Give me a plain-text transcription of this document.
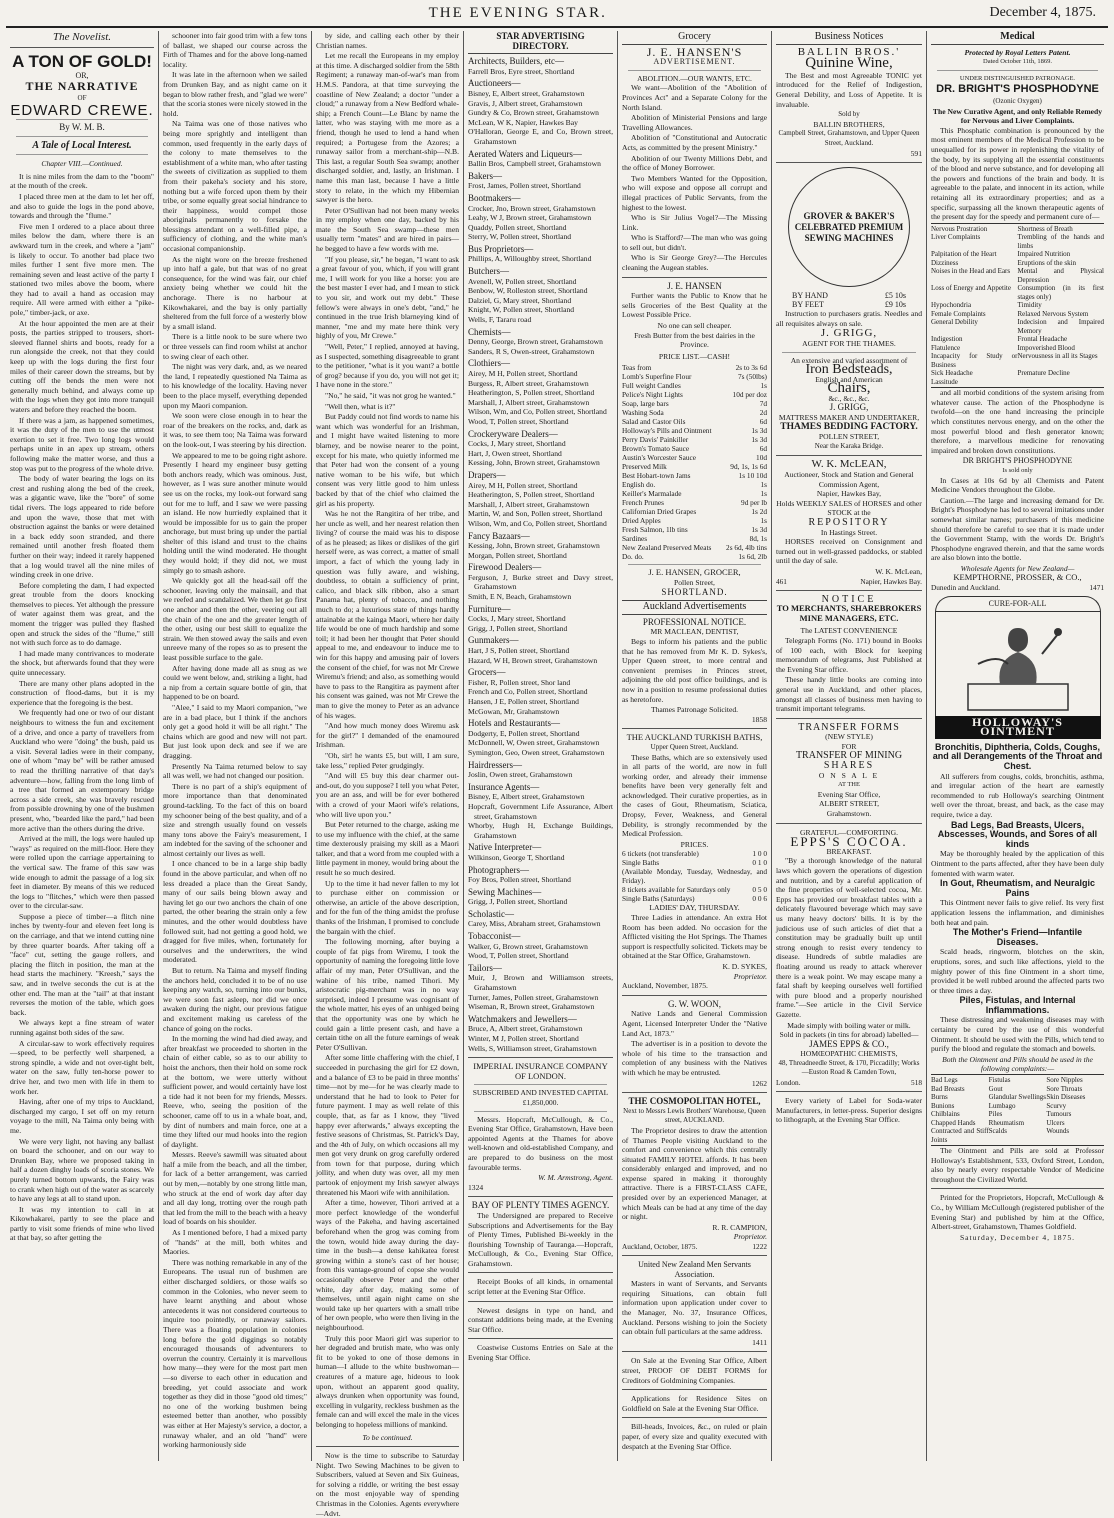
THE EVENING STAR.	December 4, 1875.
The Novelist.
A TON OF GOLD!
OR,
THE NARRATIVE
OF
EDWARD CREWE.
By W. M. B.
A Tale of Local Interest.
Chapter VIII.—Continued.

It is nine miles from the dam to the "boom" at the mouth of the creek.

I placed three men at the dam to let her off, and also to guide the logs in the pond above, towards and through the "flume."

Five men I ordered to a place about three miles below the dam, where there is an awkward turn in the creek, and where a "jam" is likely to occur. To another bad place two miles further I sent five more men. The remaining seven and least active of the party I stationed two miles above the boom, where they had to avail a hand as occasion may require. All were armed with either a "pike-pole," timber-jack, or axe.

At the hour appointed the men are at their posts, the parties stripped to trousers, short-sleeved flannel shirts and boots, ready for a run alongside the creek, not that they could keep up with the logs during the first four miles of their career down the streams, but by cutting off the bends the men were not generally much behind, and always come up with the logs when they got into more tranquil waters and before they reached the boom.

If there was a jam, as happened sometimes, it was the duty of the men to use the utmost exertion to set it free. Two long logs would perhaps unite in an apex up stream, others following make the matter worse, and thus a stop was put to the progress of the whole drive.

The body of water bearing the logs on its crest and rushing along the bed of the creek, was a gigantic wave, like the "bore" of some tidal rivers. The logs appeared to ride before and upon the wave, those that met with obstruction against the banks or were detained in a back eddy soon stranded, and there remained until another fresh floated them further on their way; indeed it rarely happened that a log would travel all the nine miles of winding creek in one drive.

Before completing the dam, I had expected great trouble from the doors knocking themselves to pieces. Yet although the pressure of water against them was great, and the moment the trigger was pulled they flashed open and struck the sides of the "flume," still not with such force as to do damage.

I had made many contrivances to moderate the shock, but afterwards found that they were quite unnecessary.

There are many other plans adopted in the construction of flood-dams, but it is my experience that the foregoing is the best.

We frequently had one or two of our distant neighbours to witness the fun and excitement of a drive, and once a party of travellers from Auckland who were "doing" the bush, paid us a visit. Several ladies were in their company, one of whom "may be" will be rather amused to read the thrilling narrative of that day's adventure—how, falling from the long limb of a tree that formed an extemporary bridge across a side creek, she was bravely rescued from possible drowning by one of the bushmen present, who, "bearded like the pard," had been more active than the others during the drive.

Arrived at the mill, the logs were hauled up "ways" as required on the mill-floor. Here they were rolled upon the carriage appertaining to the vertical saw. The frame of this saw was wide enough to admit the passage of a log six feet in diameter. By means of this we reduced the logs to "flitches," which were then passed over to the circular-saw.

Suppose a piece of timber—a flitch nine inches by twenty-four and eleven feet long is on the carriage, and that we intend cutting nine by three quarter boards. After taking off a "face" cut, setting the gauge rollers, and placing the flitch in position, the man at the head starts the machinery. "Kreesh," says the saw, and in twelve seconds the cut is at the other end. The man at the "tail" at that instant reverses the motion of the table, which goes back.

We always kept a fine stream of water running against both sides of the saw.

A circular-saw to work effectively requires—speed, to be perfectly well sharpened, a strong spindle, a wide and not over-tight belt, water on the saw, fully ten-horse power to drive her, and two men with life in them to work her.

Having, after one of my trips to Auckland, discharged my cargo, I set off on my return voyage to the mill, Na Taima only being with me.

We were very light, not having any ballast on board the schooner, and on our way to Drunken Bay, where we proposed taking in half a dozen dinghy loads of scoria stones. We purely turned bottom upwards, the Fairy was to crank when high out of the water as scarcely to have any legs at all to stand upon.

It was my intention to call in at Kikowhakarei, partly to see the place and partly to visit some friends of mine who lived at that bay, so after getting the

schooner into fair good trim with a few tons of ballast, we shaped our course across the Firth of Thames and for the above long-named locality.

It was late in the afternoon when we sailed from Drunken Bay, and as night came on it began to blow rather fresh, and "glad we were" that the scoria stones were nicely stowed in the hold.

Na Taima was one of those natives who being more sprightly and intelligent than common, used frequently in the early days of the colony to mate themselves to the establishment of a white man, who after tasting the sweets of civilization as supplied to them from their pakeha's society and his store, nothing but a wife forced upon them by their tribe, or some equally great social hindrance to their happiness, would compel those aboriginals permanently to forsake the blessings attendant on a well-filled pipe, a sufficiency of clothing, and the white man's occasional companionship.

As the night wore on the breeze freshened up into half a gale, but that was of no great consequence, for the wind was fair, our chief anxiety being whether we could hit the anchorage. There is no harbour at Kikowhakarei, and the bay is only partially sheltered from the full force of a westerly blow by a small island.

There is a little nook to be sure where two or three vessels can find room whilst at anchor to swing clear of each other.

The night was very dark, and, as we neared the land, I repeatedly questioned Na Taima as to his knowledge of the locality. Having never been to the place myself, everything depended upon my Maori companion.

We soon were close enough in to hear the roar of the breakers on the rocks, and, dark as it was, to see them too; Na Taima was forward on the look-out, I was steering by his direction.

We appeared to me to be going right ashore. Presently I heard my engineer busy getting both anchors ready, which was ominous. Just, however, as I was sure another minute would see us on the rocks, my look-out forward sang out for me to luff, and I saw we were passing an island. He now hurriedly explained that it would be impossible for us to gain the proper anchorage, but must bring up under the partial shelter of this island and trust to the chains holding until the wind moderated. He thought they would hold; if they did not, we must simply go to smash ashore.

We quickly got all the head-sail off the schooner, leaving only the mainsail, and that we reefed and scandalized. We then let go first one anchor and then the other, veering out all the chain of the one and the greater length of the other, using our best skill to equalize the strain. We then stowed away the sails and even unreeve many of the ropes so as to present the least possible surface to the gale.

After having done made all as snug as we could we went below, and, striking a light, had a nip from a certain square bottle of gin, that happened to be on board.

"Alee," I said to my Maori companion, "we are in a bad place, but I think if the anchors only get a good hold it will be all right." The chains which are good and new will not part. But just look upon deck and see if we are dragging.

Presently Na Taima returned below to say all was well, we had not changed our position.

There is no part of a ship's equipment of more importance than that denominated ground-tackling. To the fact of this on board my schooner being of the best quality, and of a size and strength usually found on vessels many tons above the Fairy's measurement, I am indebted for the saving of the schooner and almost certainly our lives as well.

I once chanced to be in a large ship badly found in the above particular, and when off no less dreaded a place than the Great Sandy, many of our sails being blown away and having let go our two anchors the chain of one parted, the other bearing the strain only a few minutes, and the other would doubtless have followed suit, had not getting a good hold, we dragged for five miles, when, fortunately for ourselves and the underwriters, the wind moderated.

But to return. Na Taima and myself finding the anchors held, concluded it to be of no use keeping any watch, so, turning into our bunks, we were soon fast asleep, nor did we once awaken during the night, our previous fatigue and excitement making us careless of the chance of going on the rocks.

In the morning the wind had died away, and after breakfast we proceeded to shorten in the chain of either cable, so as to our ability to hoist the anchors, then their hold on some rock at the bottom, we were utterly without sufficient power, and would certainly have lost a tide had it not been for my friends, Messrs. Reeve, who, seeing the position of the schooner, came off to us in a whale boat, and, by dint of numbers and main force, one at a time they lifted our mud hooks into the region of daylight.

Messrs. Reeve's sawmill was situated about half a mile from the beach, and all the timber, for lack of a better arrangement, was carried out by men,—notably by one strong little man, who struck at the end of work day after day and all day long, trotting over the rough path that led from the mill to the beach with a heavy load of boards on his shoulder.

As I mentioned before, I had a mixed party of "hands" at the mill, both whites and Maories.

There was nothing remarkable in any of the Europeans. The usual run of bushmen are either discharged soldiers, or those waifs so common in the Colonies, who never seem to have learnt anything and about whose antecedents it was not considered courteous to inquire too pointedly, or runaway sailors. There was a floating population in colonies long before the gold diggings so notably encouraged thousands of adventurers to overrun the country. Certainly it is marvellous how many—they were for the most part men—so diverse to each other in education and breeding, yet could associate and work together as they did in those "good old times;" no one of the working bushmen being esteemed better than another, who possibly was either at Her Majesty's service, a doctor, a runaway whaler, and an old "hand" were working harmoniously side

by side, and calling each other by their Christian names.

Let me recall the Europeans in my employ at this time. A discharged soldier from the 58th Regiment; a runaway man-of-war's man from H.M.S. Pandora, at that time surveying the coastline of New Zealand; a doctor "under a cloud;" a runaway from a New Bedford whale-ship; a French Count—Le Blanc by name the latter, who was staying with me more as a friend, though he used to lend a hand when required; a Portugese from the Azores; a runaway sailor from a merchant-ship—N.B. This last, a regular South Sea swamp; another discharged soldier, and, lastly, an Irishman. I name this man last, because I have a little story to relate, in the which my Hibernian sawyer is the hero.

Peter O'Sullivan had not been many weeks in my employ when one day, backed by his mate the South Sea swamp—these men usually term "mates" and are hired in pairs—he begged to have a few words with me.

"If you please, sir," he began, "I want to ask a great favour of you, which, if you will grant me, I will work for you like a horse: you are the best master I ever had, and I mean to stick to you sir, and work out my debt." These fellow's were always in one's debt, "and," he continued in the true Irish blarneying kind of manner, "me and my mate here think very highly of you, Mr Crewe."

"Well, Peter," I replied, annoyed at having, as I suspected, something disagreeable to grant to the petitioner, "what is it you want? a bottle of grog? because if you do, you will not get it; I have none in the store."

"No," he said, "it was not grog he wanted."

"Well then, what is it?"

But Paddy could not find words to name his want which was wonderful for an Irishman, and I might have waited listening to more blarney, and be nowise nearer to the point, except for his mate, who quietly informed me that Peter had won the consent of a young native woman to be his wife, but which consent was very little good to him unless backed by that of the chief who claimed the girl as his property.

Was he not the Rangitira of her tribe, and her uncle as well, and her nearest relation then living? of course the maid was his to dispose of as he pleased; as likes or dislikes of the girl herself were, as was correct, a matter of small import, a fact of which the young lady in question was fully aware, and wishing, doubtless, to obtain a sufficiency of print, calico, and black silk ribbon, also a smart Panama hat, plenty of tobacco, and nothing much to do; a luxurious state of things hardly attainable at the kainga Maori, where her daily life would be one of much hardship and some toil; it had been her thought that Peter should appeal to me, and endeavour to induce me to win for this happy and amusing pair of lovers the consent of the chief, for was not Mr Crewe Wiremu's friend; and also, as something would have to pass to the Rangitira as payment after his consent was gained, was not Mr Crewe the man to give the money to Peter as an advance of his wages.

"And how much money does Wiremu ask for the girl?" I demanded of the enamoured Irishman.

"Oh, sir! he wants £5, but will, I am sure, take less," replied Peter grudgingly.

"And will £5 buy this dear charmer out-and-out, do you suppose? I tell you what Peter, you are an ass, and will be for ever bothered with a crowd of your Maori wife's relations, who will live upon you."

But Peter returned to the charge, asking me to use my influence with the chief, at the same time dexterously praising my skill as a Maori talker, and that a word from me coupled with a little payment in money, would bring about the result he so much desired.

Up to the time it had never fallen to my lot to purchase either on commission or otherwise, an article of the above description, and for the fun of the thing amidst the profuse thanks of the Irishman, I promised to conclude the bargain with the chief.

The following morning, after buying a couple of fat pigs from Wiremu, I took the opportunity of naming the foregoing little love affair of my man, Peter O'Sullivan, and the wahine of his tribe, named Tihori. My aristocratic pig-merchant was in no way surprised, indeed I presume was cognisant of the whole matter, his eyes of an unhiged being that the opportunity was one by which he could gain a little present cash, and have a certain tithe on all the future earnings of weak Peter O'Sullivan.

After some little chaffering with the chief, I succeeded in purchasing the girl for £2 down, and a balance of £3 to be paid in three months' time—not by me—for he was clearly made to understand that he had to look to Peter for future payment. I may as well relate of this couple, that, as far as I know, they "lived happy ever afterwards," always excepting the festive seasons of Christmas, St. Patrick's Day, and the 4th of July, on which occasions all my men got very drunk on grog carefully ordered from town for that purpose, during which jollity, and when duty was over, all my men partook of enjoyment my Irish sawyer always threatened his Maori wife with annihilation.

After a time, however, Tihori arrived at a more perfect knowledge of the wonderful ways of the Pakeha, and having ascertained beforehand when the grog was coming from the town, would hide away during the day-time in the bush—a dense kahikatea forest growing within a stone's cast of her house; from this vantage-ground of copse she would occasionally observe Peter and the other white, day after day, making some of themselves, until again night came on she would take up her quarters with a small tribe of her own people, who were then living in the neighbourhood.

Truly this poor Maori girl was superior to her degraded and brutish mate, who was only fit to be yoked to one of those demons in human—I allude to the white bushwoman—creatures of a mature age, hideous to look upon, without an apparent good quality, always drunken when opportunity was found, excelling in vulgarity, reckless bushmen as the female can and will excel the male in the vices belonging to hopeless millions of mankind.

To be continued.

Now is the time to subscribe to Saturday Night. Two Sewing Machines to be given to Subscribers, valued at Seven and Six Guineas, for solving a riddle, or writing the best essay on the most enjoyable way of spending Christmas in the Colonies. Agents everywhere—Advt.

STAR ADVERTISING DIRECTORY.
Architects, Builders, etc—
Farrell Bros, Eyre street, Shortland
Auctioneers—
Bisney, E, Albert street, Grahamstown
Gravis, J, Albert street, Grahamstown
Gundry & Co, Brown street, Grahamstown
McLean, W K, Napier, Hawkes Bay
O'Halloran, George E, and Co, Brown street, Grahamstown
Aerated Waters and Liqueurs—
Ballin Bros, Campbell street, Grahamstown
Bakers—
Frost, James, Pollen street, Shortland
Bootmakers—
Crocker, Jno, Brown street, Grahamstown
Leahy, W J, Brown street, Grahamstown
Quaddy, Pollen street, Shortland
Sterry, W, Pollen street, Shortland
Bus Proprietors—
Phillips, A, Willoughby street, Shortland
Butchers—
Avenell, W, Pollen street, Shortland
Benbow, W, Rolleston street, Shortland
Dalziel, G, Mary street, Shortland
Knight, W, Pollen street, Shortland
Wells, F, Tararu road
Chemists—
Denny, George, Brown street, Grahamstown
Sanders, R S, Owen-street, Grahamstown
Clothiers—
Airey, M H, Pollen street, Shortland
Burgess, R, Albert street, Grahamstown
Heatherington, S, Pollen street, Shortland
Marshall, J, Albert street, Grahamstown
Wilson, Wm, and Co, Pollen street, Shortland
Wood, T, Pollen street, Shortland
Crockeryware Dealers—
Cocks, J, Mary street, Shortland
Hart, J, Owen street, Shortland
Kessing, John, Brown street, Grahamstown
Drapers—
Airey, M H, Pollen street, Shortland
Heatherington, S, Pollen street, Shortland
Marshall, J, Albert street, Grahamstown
Martin, W, and Son, Pollen street, Shortland
Wilson, Wm, and Co, Pollen street, Shortland
Fancy Bazaars—
Kessing, John, Brown street, Grahamstown
Morgan, Pollen street, Shortland
Firewood Dealers—
Ferguson, J, Burke street and Davy street, Grahamstown
Smith, E N, Beach, Grahamstown
Furniture—
Cocks, J, Mary street, Shortland
Grigg, J, Pollen street, Shortland
Gunmakers—
Hart, J S, Pollen street, Shortland
Hazard, W H, Brown street, Grahamstown
Grocers—
Fisher, R, Pollen street, Shor land
French and Co, Pollen street, Shortland
Hansen, J E, Pollen street, Shortland
McGowan, Mr, Grahamstown
Hotels and Restaurants—
Dodgerty, E, Pollen street, Shortland
McDonnell, W, Owen street, Grahamstown
Symington, Geo, Owen street, Grahamstown
Hairdressers—
Joslin, Owen street, Grahamstown
Insurance Agents—
Bisney, E, Albert street, Grahamstown
Hopcraft, Government Life Assurance, Albert street, Grahamstown
Whorby, Hugh H, Exchange Buildings, Grahamstown
Native Interpreter—
Wilkinson, George T, Shortland
Photographers—
Foy Bros, Pollen street, Shortland
Sewing Machines—
Grigg, J, Pollen street, Shortland
Scholastic—
Carey, Miss, Abraham street, Grahamstown
Tobacconist—
Walker, G, Brown street, Grahamstown
Wood, T, Pollen street, Shortland
Tailors—
Muir, J, Brown and Williamson streets, Grahamstown
Turner, James, Pollen street, Grahamstown
Wiseman, R, Brown street, Grahamstown
Watchmakers and Jewellers—
Bruce, A, Albert street, Grahamstown
Winter, M J, Pollen street, Shortland
Wells, S, Williamson street, Grahamstown
IMPERIAL INSURANCE COMPANY OF LONDON.
SUBSCRIBED AND INVESTED CAPITAL £1,850,000.

Messrs. Hopcraft, McCullough, & Co., Evening Star Office, Grahamstown, Have been appointed Agents at the Thames for above well-known and old-established Company, and are prepared to do business on the most favourable terms.

W. M. Armstrong, Agent.
1324
BAY OF PLENTY TIMES AGENCY.

The Undersigned are prepared to Receive Subscriptions and Advertisements for the Bay of Plenty Times, Published Bi-weekly in the flourishing Township of Tauranga.—Hopcraft, McCullough, & Co., Evening Star Office, Grahamstown.

Receipt Books of all kinds, in ornamental script letter at the Evening Star Office.

Newest designs in type on hand, and constant additions being made, at the Evening Star Office.

Coastwise Customs Entries on Sale at the Evening Star Office.

Grocery
J. E. HANSEN'S
ADVERTISEMENT.
ABOLITION.—OUR WANTS, ETC.

We want—Abolition of the "Abolition of Provinces Act" and a Separate Colony for the North Island.

Abolition of Ministerial Pensions and large Travelling Allowances.

Abolition of "Constitutional and Autocratic Acts, as committed by the present Ministry."

Abolition of our Twenty Millions Debt, and the office of Money Borrower.

Two Members Wanted for the Opposition, who will expose and oppose all corrupt and illegal practices of Public Servants, from the highest to the lowest.

Who is Sir Julius Vogel?—The Missing Link.

Who is Stafford?—The man who was going to sell out, but didn't.

Who is Sir George Grey?—The Hercules cleaning the Augean stables.

J. E. HANSEN

Further wants the Public to Know that he sells Groceries of the Best Quality at the Lowest Possible Price.

No one can sell cheaper.
Fresh Butter from the best dairies in the Province.
PRICE LIST.—CASH!
Teas from	2s to 3s 6d
Lomb's Superfine Flour	7s (50lbs)
Full weight Candles	1s
Pelice's Night Lights	10d per doz
Soap, large bars	7d
Washing Soda	2d
Salad and Castor Oils	6d
Holloway's Pills and Ointment	1s 3d
Perry Davis' Painkiller	1s 3d
Brown's Tomato Sauce	6d
Austin's Worcester Sauce	10d
Preserved Milk	9d, 1s, 1s 6d
Best Hobart-town Jams	1s 10 10d
English do.	1s
Keiller's Marmalade	1s
French Prunes	9d per lb
Californian Dried Grapes	1s 2d
Dried Apples	1s
Fresh Salmon, 1lb tins	1s 3d
Sardines	8d, 1s
New Zealand Preserved Meats 2s 6d, 4lb tins
Do. do.	1s 6d, 2lb
J. E. HANSEN, GROCER,
Pollen Street,
SHORTLAND.
Auckland Advertisements
PROFESSIONAL NOTICE.
MR MACLEAN, DENTIST,

Begs to inform his patients and the public that he has removed from Mr K. D. Sykes's, Upper Queen street, to more central and convenient premises in Princes street, adjoining the old post office buildings, and is now in a position to resume professional duties as heretofore.

Thames Patronage Solicited.
1858
THE AUCKLAND TURKISH BATHS,
Upper Queen Street, Auckland.

These Baths, which are so extensively used in all parts of the world, are now in full working order, and already their immense benefits have been very generally felt and acknowledged. Their curative properties, as in the cases of Gout, Rheumatism, Sciatica, Dropsy, Fever, Weakness, and General Debility, is strongly recommended by the Medical Profession.

PRICES.
6 tickets (not transferable)	1 0 0
Single Baths	0 1 0
(Available Monday, Tuesday, Wednesday, and Friday).
8 tickets available for Saturdays only	0 5 0
Single Baths (Saturdays)	0 0 6
LADIES' DAY, THURSDAY.

Three Ladies in attendance. An extra Hot Room has been added. No occasion for the Afflicted visiting the Hot Springs. The Thames support is respectfully solicited. Tickets may be obtained at the Star Office, Grahamstown.

K. D. SYKES,
Proprietor.
Auckland, November, 1875.
G. W. WOON,

Native Lands and General Commission Agent, Licensed Interpreter Under the "Native Land Act, 1873."

The advertiser is in a position to devote the whole of his time to the transaction and completion of any business with the Natives with which he may be entrusted.

1262
THE COSMOPOLITAN HOTEL,
Next to Messrs Lewis Brothers' Warehouse, Queen street, AUCKLAND.

The Proprietor desires to draw the attention of Thames People visiting Auckland to the comfort and convenience which this centrally situated FAMILY HOTEL affords. It has been considerably enlarged and improved, and no expense spared in making it thoroughly attractive. There is a FIRST-CLASS CAFE, presided over by an experienced Manager, at which Meals can be had at any time of the day or night.

R. R. CAMPION,
Proprietor.
Auckland, October, 1875.	1222
United New Zealand Men Servants Association.

Masters in want of Servants, and Servants requiring Situations, can obtain full information upon application under cover to the Manager, No. 37, Insurance Offices, Auckland. Persons wishing to join the Society can obtain full particulars at the same address.

1411

On Sale at the Evening Star Office, Albert street, PROOF OF DEBT FORMS for Creditors of Goldmining Companies.

Applications for Residence Sites on Goldfield on Sale at the Evening Star Office.

Bill-heads, Invoices, &c., on ruled or plain paper, of every size and quality executed with despatch at the Evening Star Office.

Business Notices
BALLIN BROS.'
Quinine Wine,

The Best and most Agreeable TONIC yet introduced for the Relief of Indigestion, General Debility, and Loss of Appetite. It is invaluable.

Sold by
BALLIN BROTHERS,
Campbell Street, Grahamstown, and Upper Queen Street, Auckland.
591
GROVER & BAKER'S CELEBRATED PREMIUM SEWING MACHINES
BY HAND	£5 10s
BY FEET	£9 10s

Instruction to purchasers gratis. Needles and all requisites always on sale.

J. GRIGG,
AGENT FOR THE THAMES.
An extensive and varied assortment of
Iron Bedsteads,
English and American
Chairs,
&c., &c., &c.
J. GRIGG,
MATTRESS MAKER AND UNDERTAKER,
THAMES BEDDING FACTORY.
POLLEN STREET,
Near the Karaka Bridge.
W. K. McLEAN,
Auctioneer, Stock and Station and General Commission Agent,
Napier, Hawkes Bay,
Holds WEEKLY SALES of HORSES and other STOCK at the
REPOSITORY
In Hastings Street.

HORSES received on Consignment and turned out in well-grassed paddocks, or stabled until the day of sale.

W. K. McLean,
461	Napier, Hawkes Bay.
NOTICE
TO MERCHANTS, SHAREBROKERS MINE MANAGERS, ETC.
The LATEST CONVENIENCE

Telegraph Forms (No. 171) bound in Books of 100 each, with Block for keeping memorandum of telegrams, Just Published at the Evening Star office.

These handy little books are coming into general use in Auckland, and other places, amongst all classes of business men having to transmit important telegrams.

TRANSFER FORMS
(NEW STYLE)
FOR
TRANSFER OF MINING
SHARES
O N S A L E
AT THE
Evening Star Office,
ALBERT STREET,
Grahamstown.
GRATEFUL—COMFORTING.
EPPS'S COCOA.
BREAKFAST.

"By a thorough knowledge of the natural laws which govern the operations of digestion and nutrition, and by a careful application of the fine properties of well-selected cocoa, Mr. Epps has provided our breakfast tables with a delicately flavoured beverage which may save us many heavy doctors' bills. It is by the judicious use of such articles of diet that a constitution may be gradually built up until strong enough to resist every tendency to disease. Hundreds of subtle maladies are floating around us ready to attack wherever there is a weak point. We may escape many a fatal shaft by keeping ourselves well fortified with pure blood and a properly nourished frame."—See article in the Civil Service Gazette.

Made simply with boiling water or milk.
Sold in packets (in tins for abroad) labelled—
JAMES EPPS & CO.,
HOMŒOPATHIC CHEMISTS,
48, Threadneedle Street, & 170, Piccadilly; Works—Euston Road & Camden Town,
London.	518

Every variety of Label for Soda-water Manufacturers, in letter-press. Superior designs to lithograph, at the Evening Star Office.

Medical
Protected by Royal Letters Patent.
Dated October 11th, 1869.
UNDER DISTINGUISHED PATRONAGE.
DR. BRIGHT'S PHOSPHODYNE
(Ozonic Oxygen)
The New Curative Agent, and only Reliable Remedy for Nervous and Liver Complaints.

This Phosphatic combination is pronounced by the most eminent members of the Medical Profession to be unequalled for its power in replenishing the vitality of the body, by its supplying all the essential constituents of the blood and nerve substance, and for developing all the powers and functions of the brain and body. It is agreeable to the palate, and innocent in its action, while retaining all its extraordinary properties; and as a specific, surpassing all the known therapeutic agents of the present day for the speedy and permanent cure of—

Nervous Prostration	Shortness of Breath
Liver Complaints	Trembling of the hands and limbs
Palpitation of the Heart	Impaired Nutrition
Dizziness	Eruptions of the skin
Noises in the Head and Ears	Mental and Physical Depression
Loss of Energy and Appetite Consumption (in its first stages only)
Hypochondria	Timidity
Female Complaints	Relaxed Nervous System
General Debility	Indecision and Impaired Memory
Indigestion	Frontal Headache
Flatulence	Impoverished Blood
Incapacity for Study or Business
Nervousness in all its Stages
Sick Headache	Premature Decline
Lassitude

and all morbid conditions of the system arising from whatever cause. The action of the Phosphodyne is twofold—on the one hand increasing the principle which constitutes nervous energy, and on the other the most powerful blood and flesh generator known; therefore, a marvellous medicine for renovating impaired and broken down constitutions.

DR BRIGHT'S PHOSPHODYNE
Is sold only

In Cases at 10s 6d by all Chemists and Patent Medicine Vendors throughout the Globe.

Caution.—The large and increasing demand for Dr. Bright's Phosphodyne has led to several imitations under somewhat similar names; purchasers of this medicine should therefore be careful to see that it is made under the Government Stamp, with the words Dr. Bright's Phosphodyne engraved therein, and that the same words are also blown into the bottle.

Wholesale Agents for New Zealand—
KEMPTHORNE, PROSSER, & CO.,
Dunedin and Auckland.	1471
CURE-FOR-ALL
HOLLOWAY'S OINTMENT
Bronchitis, Diphtheria, Colds, Coughs, and all Derangements of the Throat and Chest.

All sufferers from coughs, colds, bronchitis, asthma, and irregular action of the heart are earnestly recommended to rub Holloway's searching Ointment well over the throat, breast, and back, as the case may require, twice a day.

Bad Legs, Bad Breasts, Ulcers, Abscesses, Wounds, and Sores of all kinds

May be thoroughly healed by the application of this Ointment to the parts affected, after they have been duly fomented with warm water.

In Gout, Rheumatism, and Neuralgic Pains

This Ointment never fails to give relief. Its very first application lessens the inflammation, and diminishes both heat and pain.

The Mother's Friend—Infantile Diseases.

Scald heads, ringworm, blotches on the skin, eruptions, sores, and such like affections, yield to the mighty power of this fine Ointment in a short time, provided it be well rubbed around the affected parts two or three times a day.

Piles, Fistulas, and Internal Inflammations.

These distressing and weakening diseases may with certainty be cured by the use of this wonderful Ointment. It should be used with the Pills, which tend to purify the blood and regulate the stomach and bowels.

Both the Ointment and Pills should be used in the following complaints:—
Bad Legs	Fistulas	Sore Nipples
Bad Breasts	Gout	Sore Throats
Burns	Glandular Swellings Skin Diseases
Bunions	Lumbago	Scurvy
Chilblains	Piles	Tumours
Chapped Hands	Rheumatism	Ulcers
Contracted and Stiff Joints
Scalds	Wounds

The Ointment and Pills are sold at Professor Holloway's Establishment, 533, Oxford Street, London, also by nearly every respectable Vendor of Medicine throughout the Civilized World.

Printed for the Proprietors, Hopcraft, McCullough & Co., by William McCullough (registered publisher of the Evening Star) and published by him at the Office, Albert-street, Grahamstown, Thames Goldfield.

Saturday, December 4, 1875.
